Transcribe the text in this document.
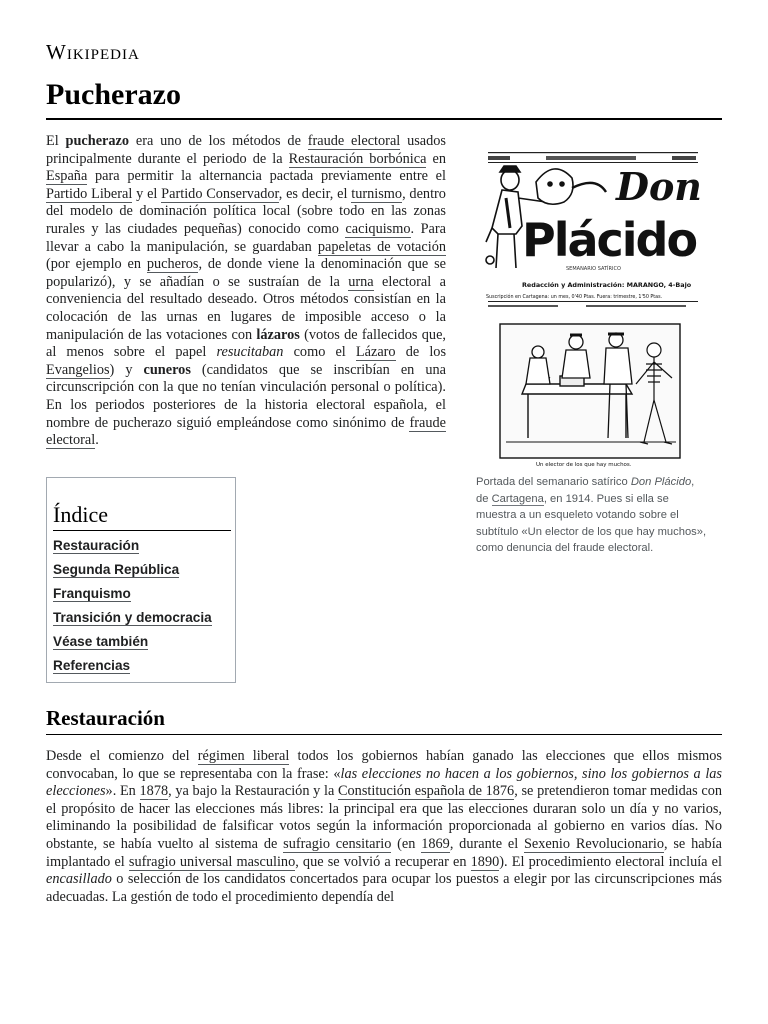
Wikipedia
Pucherazo

El pucherazo era uno de los métodos de fraude electoral usados principalmente durante el periodo de la Restauración borbónica en España para permitir la alternancia pactada previamente entre el Partido Liberal y el Partido Conservador, es decir, el turnismo, dentro del modelo de dominación política local (sobre todo en las zonas rurales y las ciudades pequeñas) conocido como caciquismo. Para llevar a cabo la manipulación, se guardaban papeletas de votación (por ejemplo en pucheros, de donde viene la denominación que se popularizó), y se añadían o se sustraían de la urna electoral a conveniencia del resultado deseado. Otros métodos consistían en la colocación de las urnas en lugares de imposible acceso o la manipulación de las votaciones con lázaros (votos de fallecidos que, al menos sobre el papel resucitaban como el Lázaro de los Evangelios) y cuneros (candidatos que se inscribían en una circunscripción con la que no tenían vinculación personal o política). En los periodos posteriores de la historia electoral española, el nombre de pucherazo siguió empleándose como sinónimo de fraude electoral.

Don
Plácido
SEMANARIO SATÍRICO
Redacción y Administración: MARANGO, 4-Bajo
Suscripción en Cartagena: un mes, 0'40 Ptas. Fuera: trimestre, 1'50 Ptas.
Un elector de los que hay muchos.
Portada del semanario satírico Don Plácido, de Cartagena, en 1914. Pues si ella se muestra a un esqueleto votando sobre el subtítulo «Un elector de los que hay muchos», como denuncia del fraude electoral.
Índice
Restauración
Segunda República
Franquismo
Transición y democracia
Véase también
Referencias
Restauración

Desde el comienzo del régimen liberal todos los gobiernos habían ganado las elecciones que ellos mismos convocaban, lo que se representaba con la frase: «las elecciones no hacen a los gobiernos, sino los gobiernos a las elecciones». En 1878, ya bajo la Restauración y la Constitución española de 1876, se pretendieron tomar medidas con el propósito de hacer las elecciones más libres: la principal era que las elecciones duraran solo un día y no varios, eliminando la posibilidad de falsificar votos según la información proporcionada al gobierno en varios días. No obstante, se había vuelto al sistema de sufragio censitario (en 1869, durante el Sexenio Revolucionario, se había implantado el sufragio universal masculino, que se volvió a recuperar en 1890). El procedimiento electoral incluía el encasillado o selección de los candidatos concertados para ocupar los puestos a elegir por las circunscripciones más adecuadas. La gestión de todo el procedimiento dependía del
